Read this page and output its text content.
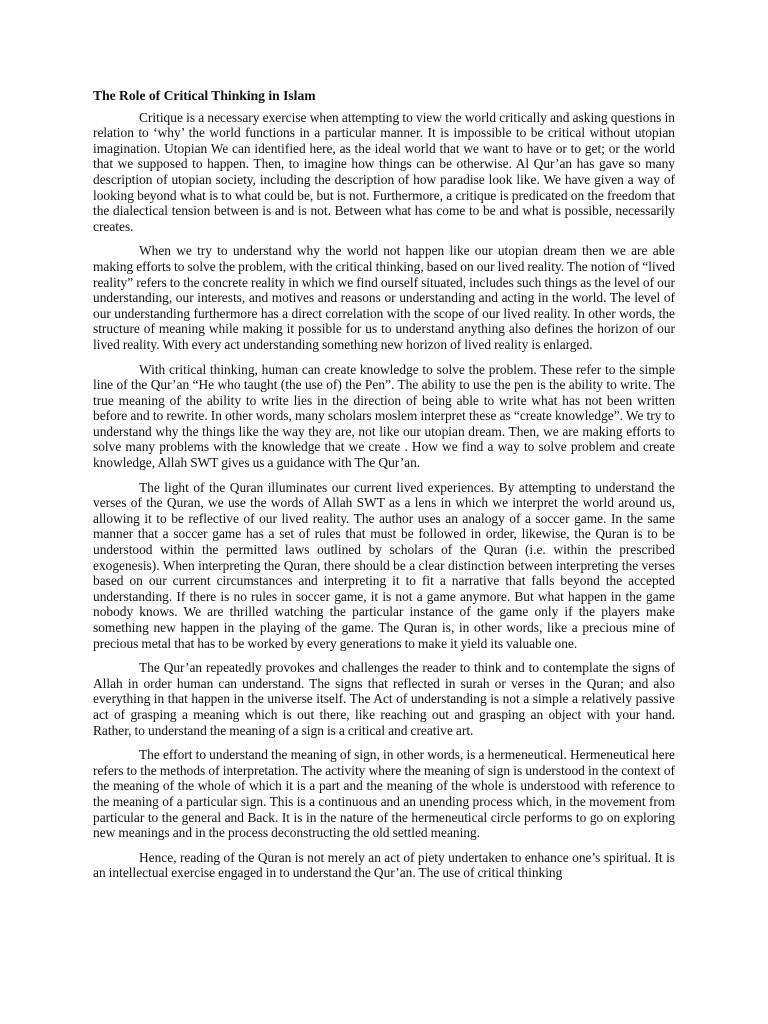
The Role of Critical Thinking in Islam

Critique is a necessary exercise when attempting to view the world critically and asking questions in relation to ‘why’ the world functions in a particular manner. It is impossible to be critical without utopian imagination. Utopian We can identified here, as the ideal world that we want to have or to get; or the world that we supposed to happen. Then, to imagine how things can be otherwise. Al Qur’an has gave so many description of utopian society, including the description of how paradise look like. We have given a way of looking beyond what is to what could be, but is not. Furthermore, a critique is predicated on the freedom that the dialectical tension between is and is not. Between what has come to be and what is possible, necessarily creates.

When we try to understand why the world not happen like our utopian dream then we are able making efforts to solve the problem, with the critical thinking, based on our lived reality. The notion of “lived reality” refers to the concrete reality in which we find ourself situated, includes such things as the level of our understanding, our interests, and motives and reasons or understanding and acting in the world. The level of our understanding furthermore has a direct correlation with the scope of our lived reality. In other words, the structure of meaning while making it possible for us to understand anything also defines the horizon of our lived reality. With every act understanding something new horizon of lived reality is enlarged.

With critical thinking, human can create knowledge to solve the problem. These refer to the simple line of the Qur’an “He who taught (the use of) the Pen”. The ability to use the pen is the ability to write. The true meaning of the ability to write lies in the direction of being able to write what has not been written before and to rewrite. In other words, many scholars moslem interpret these as “create knowledge”. We try to understand why the things like the way they are, not like our utopian dream. Then, we are making efforts to solve many problems with the knowledge that we create . How we find a way to solve problem and create knowledge, Allah SWT gives us a guidance with The Qur’an.

The light of the Quran illuminates our current lived experiences. By attempting to understand the verses of the Quran, we use the words of Allah SWT as a lens in which we interpret the world around us, allowing it to be reflective of our lived reality. The author uses an analogy of a soccer game. In the same manner that a soccer game has a set of rules that must be followed in order, likewise, the Quran is to be understood within the permitted laws outlined by scholars of the Quran (i.e. within the prescribed exogenesis). When interpreting the Quran, there should be a clear distinction between interpreting the verses based on our current circumstances and interpreting it to fit a narrative that falls beyond the accepted understanding. If there is no rules in soccer game, it is not a game anymore. But what happen in the game nobody knows. We are thrilled watching the particular instance of the game only if the players make something new happen in the playing of the game. The Quran is, in other words, like a precious mine of precious metal that has to be worked by every generations to make it yield its valuable one.

The Qur’an repeatedly provokes and challenges the reader to think and to contemplate the signs of Allah in order human can understand. The signs that reflected in surah or verses in the Quran; and also everything in that happen in the universe itself. The Act of understanding is not a simple a relatively passive act of grasping a meaning which is out there, like reaching out and grasping an object with your hand. Rather, to understand the meaning of a sign is a critical and creative art.

The effort to understand the meaning of sign, in other words, is a hermeneutical. Hermeneutical here refers to the methods of interpretation. The activity where the meaning of sign is understood in the context of the meaning of the whole of which it is a part and the meaning of the whole is understood with reference to the meaning of a particular sign. This is a continuous and an unending process which, in the movement from particular to the general and Back. It is in the nature of the hermeneutical circle performs to go on exploring new meanings and in the process deconstructing the old settled meaning.

Hence, reading of the Quran is not merely an act of piety undertaken to enhance one’s spiritual. It is an intellectual exercise engaged in to understand the Qur’an. The use of critical thinking
